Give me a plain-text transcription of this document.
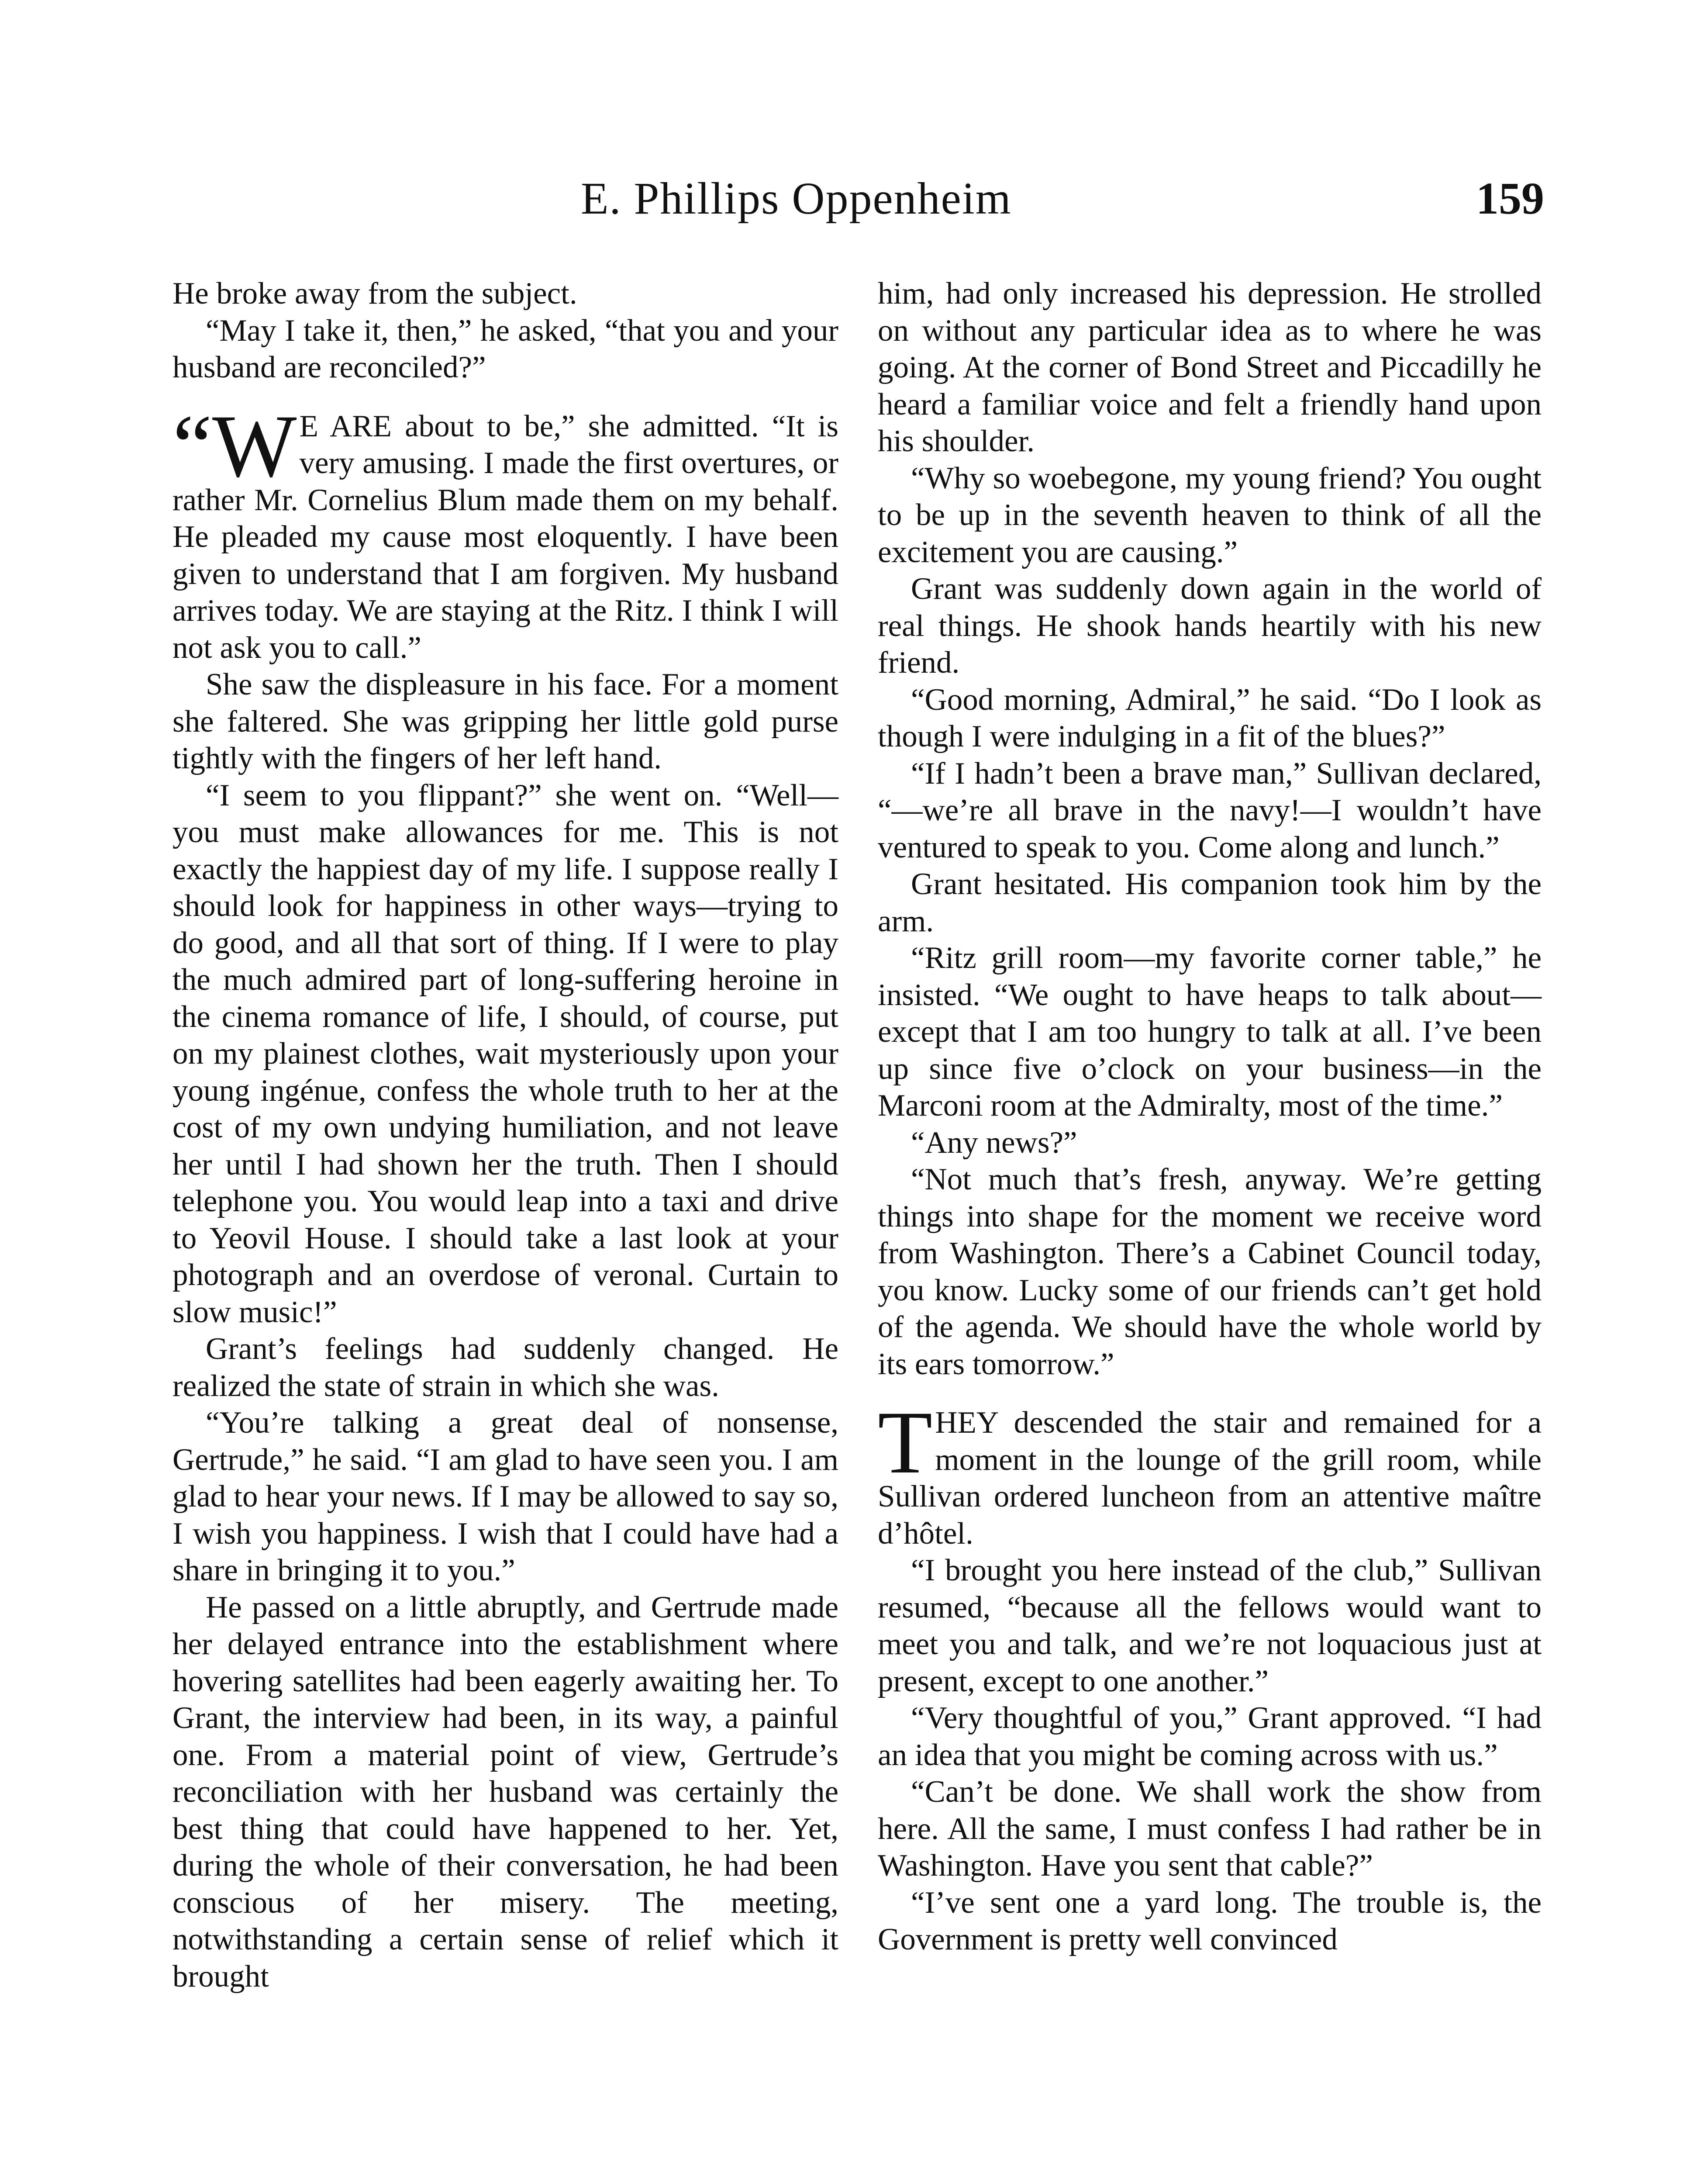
E. Phillips Oppenheim	159

He broke away from the subject.

“May I take it, then,” he asked, “that you and your husband are reconciled?”

“W E ARE about to be,” she admitted. “It is very amusing. I made the first overtures, or rather Mr. Cornelius Blum made them on my behalf. He pleaded my cause most eloquently. I have been given to understand that I am forgiven. My husband arrives today. We are staying at the Ritz. I think I will not ask you to call.”

She saw the displeasure in his face. For a moment she faltered. She was gripping her little gold purse tightly with the fingers of her left hand.

“I seem to you flippant?” she went on. “Well—you must make allowances for me. This is not exactly the happiest day of my life. I suppose really I should look for happiness in other ways—trying to do good, and all that sort of thing. If I were to play the much admired part of long-suffering heroine in the cinema romance of life, I should, of course, put on my plainest clothes, wait mysteriously upon your young ingénue, confess the whole truth to her at the cost of my own undying humiliation, and not leave her until I had shown her the truth. Then I should telephone you. You would leap into a taxi and drive to Yeovil House. I should take a last look at your photograph and an overdose of veronal. Curtain to slow music!”

Grant’s feelings had suddenly changed. He realized the state of strain in which she was.

“You’re talking a great deal of nonsense, Gertrude,” he said. “I am glad to have seen you. I am glad to hear your news. If I may be allowed to say so, I wish you happiness. I wish that I could have had a share in bringing it to you.”

He passed on a little abruptly, and Gertrude made her delayed entrance into the establishment where hovering satellites had been eagerly awaiting her. To Grant, the interview had been, in its way, a painful one. From a material point of view, Gertrude’s reconciliation with her husband was certainly the best thing that could have happened to her. Yet, during the whole of their conversation, he had been conscious of her misery. The meeting, notwithstanding a certain sense of relief which it brought

him, had only increased his depression. He strolled on without any particular idea as to where he was going. At the corner of Bond Street and Piccadilly he heard a familiar voice and felt a friendly hand upon his shoulder.

“Why so woebegone, my young friend? You ought to be up in the seventh heaven to think of all the excitement you are causing.”

Grant was suddenly down again in the world of real things. He shook hands heartily with his new friend.

“Good morning, Admiral,” he said. “Do I look as though I were indulging in a fit of the blues?”

“If I hadn’t been a brave man,” Sullivan declared, “—we’re all brave in the navy!—I wouldn’t have ventured to speak to you. Come along and lunch.”

Grant hesitated. His companion took him by the arm.

“Ritz grill room—my favorite corner table,” he insisted. “We ought to have heaps to talk about—except that I am too hungry to talk at all. I’ve been up since five o’clock on your business—in the Marconi room at the Admiralty, most of the time.”

“Any news?”

“Not much that’s fresh, anyway. We’re getting things into shape for the moment we receive word from Washington. There’s a Cabinet Council today, you know. Lucky some of our friends can’t get hold of the agenda. We should have the whole world by its ears tomorrow.”

THEY descended the stair and remained for a moment in the lounge of the grill room, while Sullivan ordered luncheon from an attentive maître d’hôtel.

“I brought you here instead of the club,” Sullivan resumed, “because all the fellows would want to meet you and talk, and we’re not loquacious just at present, except to one another.”

“Very thoughtful of you,” Grant approved. “I had an idea that you might be coming across with us.”

“Can’t be done. We shall work the show from here. All the same, I must confess I had rather be in Washington. Have you sent that cable?”

“I’ve sent one a yard long. The trouble is, the Government is pretty well convinced
